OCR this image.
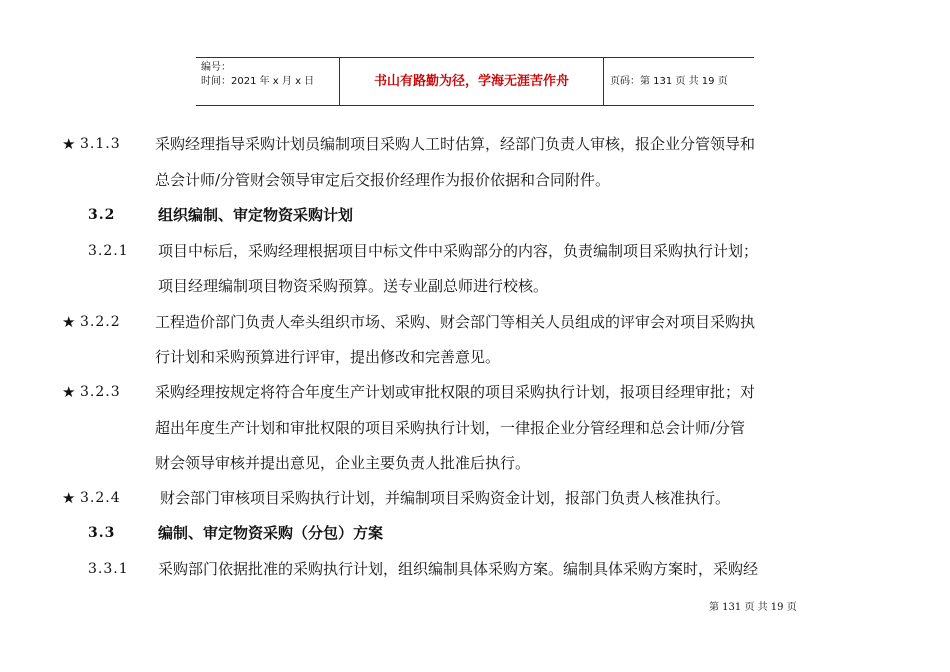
编号：
时间：2021 年 x 月 x 日	书山有路勤为径，学海无涯苦作舟	页码：第 131 页 共 19 页
★ 3.1.3 采购经理指导采购计划员编制项目采购人工时估算，经部门负责人审核，报企业分管领导和
总会计师/分管财会领导审定后交报价经理作为报价依据和合同附件。
3.2	组织编制、审定物资采购计划
3.2.1 项目中标后，采购经理根据项目中标文件中采购部分的内容，负责编制项目采购执行计划；
项目经理编制项目物资采购预算。送专业副总师进行校核。
★ 3.2.2 工程造价部门负责人牵头组织市场、采购、财会部门等相关人员组成的评审会对项目采购执
行计划和采购预算进行评审，提出修改和完善意见。
★ 3.2.3 采购经理按规定将符合年度生产计划或审批权限的项目采购执行计划，报项目经理审批；对
超出年度生产计划和审批权限的项目采购执行计划，一律报企业分管经理和总会计师/分管
财会领导审核并提出意见，企业主要负责人批准后执行。
★ 3.2.4	财会部门审核项目采购执行计划，并编制项目采购资金计划，报部门负责人核准执行。
3.3	编制、审定物资采购（分包）方案
3.3.1 采购部门依据批准的采购执行计划，组织编制具体采购方案。编制具体采购方案时，采购经
第 131 页 共 19 页
